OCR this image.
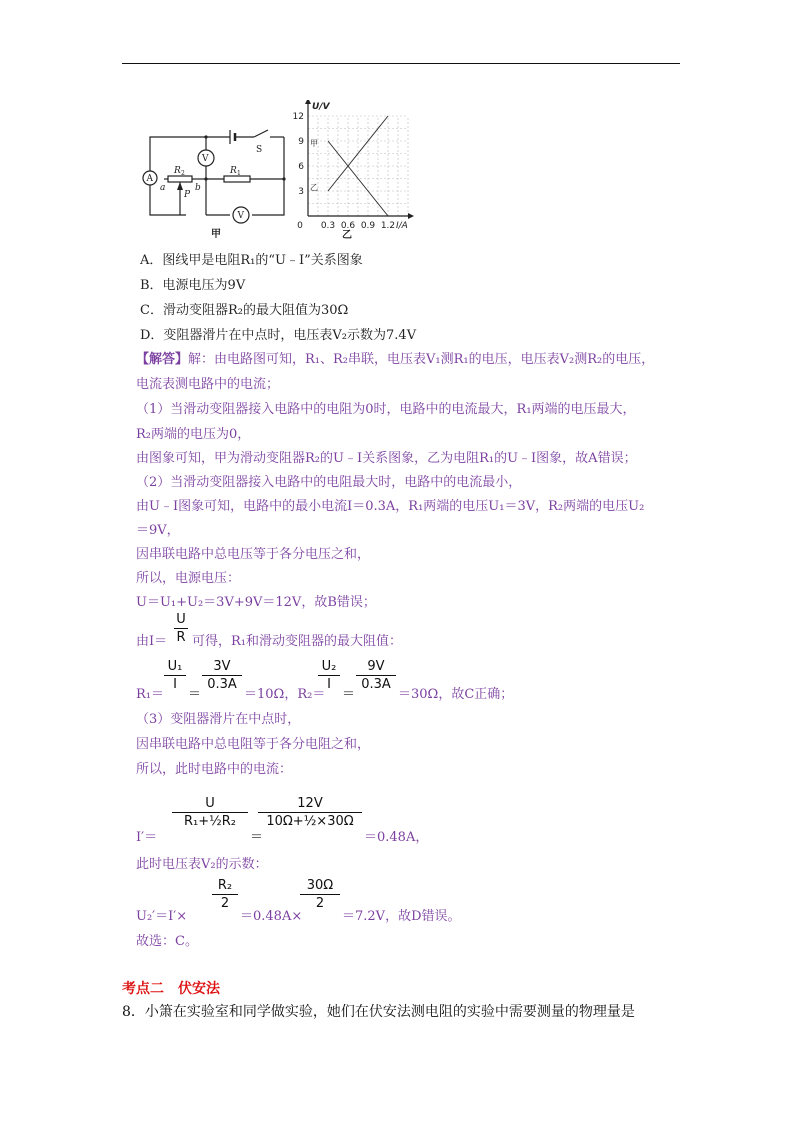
A
V
V
S
R 2	R 1
a	b
P
甲
12
9
6
3
0 0.3 0.6 0.9 1.2
U/V
I/A
甲
乙
乙
A．图线甲是电阻R₁的“U﹣I”关系图象
B．电源电压为9V
C．滑动变阻器R₂的最大阻值为30Ω
D．变阻器滑片在中点时，电压表V₂示数为7.4V
【解答】解：由电路图可知，R₁、R₂串联，电压表V₁测R₁的电压，电压表V₂测R₂的电压，
电流表测电路中的电流；
（1）当滑动变阻器接入电路中的电阻为0时，电路中的电流最大，R₁两端的电压最大，
R₂两端的电压为0，
由图象可知，甲为滑动变阻器R₂的U﹣I关系图象，乙为电阻R₁的U﹣I图象，故A错误；
（2）当滑动变阻器接入电路中的电阻最大时，电路中的电流最小，
由U﹣I图象可知，电路中的最小电流I＝0.3A，R₁两端的电压U₁＝3V，R₂两端的电压U₂
＝9V，
因串联电路中总电压等于各分电压之和，
所以，电源电压：
U＝U₁+U₂＝3V+9V＝12V，故B错误；
由I＝
U
R 可得，R₁和滑动变阻器的最大阻值：
R₁＝
U₁
I
＝
3V
0.3A
＝10Ω，R₂＝
U₂
I
＝
9V
0.3A
＝30Ω，故C正确；
（3）变阻器滑片在中点时，
因串联电路中总电阻等于各分电阻之和，
所以，此时电路中的电流：
I′＝
U
R₁+½R₂
＝
12V
10Ω+½×30Ω
＝0.48A，
此时电压表V₂的示数：
U₂′＝I′×
R₂
2
＝0.48A×
30Ω
2
＝7.2V，故D错误。
故选：C。
考点二　伏安法
8．小箫在实验室和同学做实验，她们在伏安法测电阻的实验中需要测量的物理量是
